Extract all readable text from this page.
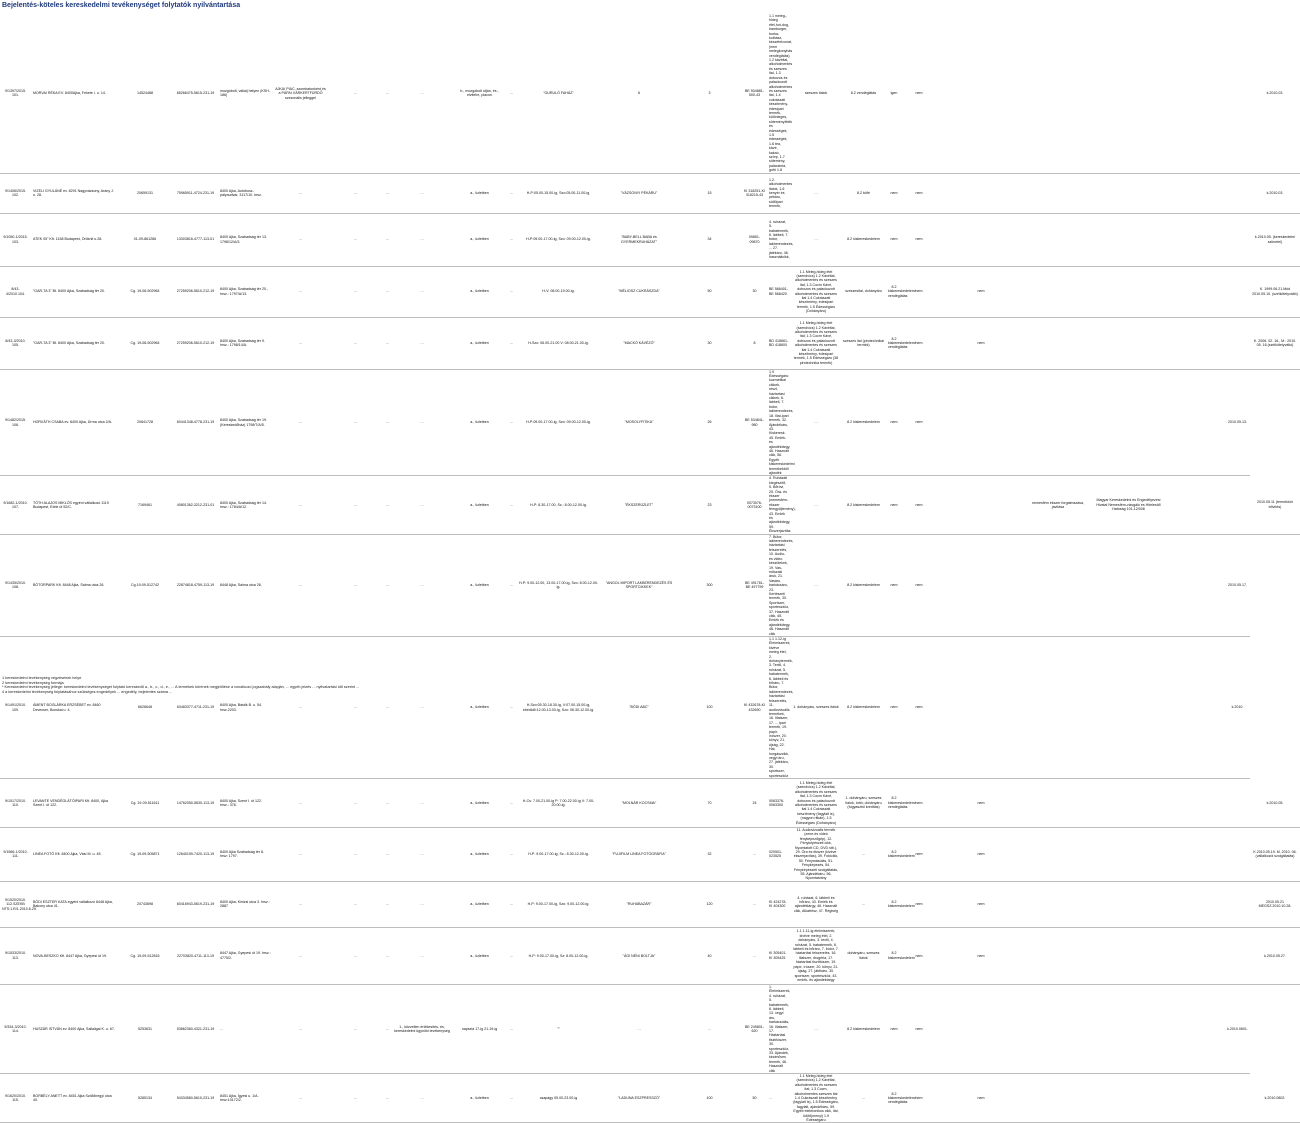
Bejelentés-köteles kereskedelmi tevékenységet folytatók nyilvántartása
9/1397/2015. 101.	MORVAI RÉKA EV. 8400Ajka, Fekete I. u. 14.	14524488	65266475-5615-231-19	mozgóbolt, vállalj helyen (KSH-186)	AJKAI PIAC, szombatonként és a PÁPAI VÁRKERTFÜRDŐ szezonális jelleggel	…	…	…	b., mozgóbolt útján, és., elvitelre, piacon	…	"GURULÓ FAHÁZ"	6	3	BE 504881-500-43	1.1 meleg-, hideg étel,hot-dog, hamburger, burka-kolbász, készételvonat, (nem melegkonyhás vendéglátás) 1.2 kávéital, alkoholmentes és szeszes ital, 1.3 dobozos és palackozott alkoholmentes és szeszes ital, 1.4 cukrászati készítmény-édesipari termék, különleges, süteményfélék és édességek, 1.5 édességek, 1.6 tea, kávé, kakaó, szörp, 1.7 sütemény, palacsinta, gofri 1.8	szeszes italok	8.2 vendéglátás	igen	nem							k.2010.03.
9/1406/2015. 102.	VIZELI GYULÁNÉ ev. 8291 Nagyvázsony, Arany J. u. 28.	20659131	75965911-4724-231-19	8400 Ajka, Autóbusz-pályaudvar, 3117/10. hrsz.	…	…	…	…	a., üzletben	…	H-P:05.00-15.00-ig, Szo:05.00-11.00-ig.	"VÁZSONYI PÉKÁRU"	15	KI 318251-KI 318215-43	1.2. alkoholmentes italok, 1.6 kenyér és pékáru, sütőipari termék,	…	8.2 büfé	nem	nem							k.2010.03.
9/1050-1/2015. 103.	ATEK 05" Kft. 1158 Budapest, Öröknit u.28.	01-09-861286	13303816-4777-113-01	8400 Ajka, Szabadság tér 13. 1798/12/A/3.	…	…	…	…	a., üzletben	…	H-P:09.00-17.00-ig, Szo: 09.00-12.00-ig.	"BABY-BELL BABA és GYERMEKRUHÁZAT"	34	09851-09870	4. ruházat, 5. babatermék, 6. lábbeli, 7. bútor, lakberendezés, ... 27. játékáru, 46. használtcikk,	…	8.2 kiskereskedelem	nem	nem							k.2010.05. (kereskedelmi szünetel)
8/43-4/2010.104.	"GAR-TA 3" Bt. 8400 Ajka, Szabadság tér 20.	Cg. 19-06-502964	27259206-5610-212-19	8400 Ajka, Szabadság tér 20., hrsz.: 1797/A/13.	…	…	…	…	a., üzletben	…	H-V: 08.00-19.00-ig.	"MÉLIOSZ CUKRÁSZDA"	50	30	BE 566401-BE 568420	1.1 Meleg-hideg étel (szendvics) 1.2 Kávéital, alkoholmentes és szeszes ital; 1.3 Cocm Kávé, dobozos és palackozott alkoholmentes és szeszes ital 1.4 Cukrászati készítmény, édesipari termék, 1.5 Édességáru (Dohányáru)	szeszesital, dohányáru	8.2 kiskereskedelem/ vendéglátás	nem	nem						K. 1999.06.21.Mód 2010.05.10. (szélkötelyváltó)
8/43-3/2010. 105.	"GAR-TA 3" Bt. 8400 Ajka, Szabadság tér 20.	Cg. 19-06-502964	27259206-5610-212-19	8400 Ajka, Szabadság tér 9. hrsz.: 1798/14/A.	…	…	…	…	a., üzletben	…	H-Szo: 06.00-21.00 V: 08.00-21.00-ig.	"MACKÓ KÁVÉZÓ"	30	8	BD 418661-BD 418600	1.1 Meleg-hideg étel (szendvics) 1.2 Kávéital, alkoholmentes és szeszes ital; 1.3 Cocm Kávé, dobozos és palackozott alkoholmentes és szeszes ital 1.4 Cukrászati készítmény, édesipari termék, 1.5 Édességáru (38 pirotechnika termék)	szeszes ital (pirotechnikai termék)	8.2 kiskereskedelem/ vendéglátás	nem	nem						K. 2006. 02. 16., M.: 2010. 05. 16.(szélkötelyváltó)
9/1482/2015. 106.	HORVÁTH CSABA ev. 8400 Ajka, Úrrna utca 2/A.	20841728	60441348-4778-231-19	8400 Ajka, Szabadság tér 19. (Kereskedőház) 1798/7/A/5.	…	…	…	…	a., üzletben	…	H-P:09.00-17.00-ig, Szo: 09.00-12.00-ig.	"MOSOLYFITIKA"	26	BE 534841-980	1.9 Édességáru: kozmetikai cikkek, részt, háztartási cikkek, 6. lábbeli, 7. bútor, lakberendezés, 18. Illat-ipari termék, 32. Ajándékáru, 43. Kiskeresk. 45. Emlék-és ajándéktárgy, 46. Használt cikk, 56. Egyéb kiskereskedelmi termékekből ajándék	…	8.2 kiskereskedelem	nem	nem						2010.05.13.	
9/1682-1/2010. 107.	TÓTH ALAJOS MIKLÓS egyéni vállalkozó 1119 Budapest, Etele út 52/C.	7169461	40801362-3212-231-01	8400 Ajka, Szabadság tér 14. hrsz.: 1784/A/12.	…	…	…	…	a., üzletben	…	H-P: 8.30-17.00, Sz.: 8.00-12.00-ig.	"ÉKSZERÜZLET"	23	0073076-0073100	4. Ruházati kiegészítő, 5. Bőrövi, 25. Óra- és ékszer (nemesfém-ékszer fémgyűjtemény), 43. Emlék és ajándéktárgy, 59. Ékszerjavítás	…	8.2 kiskereskedelem	nem	nem		nemesfém ékszer forgalmazása, javítása	Magyar Kereskedelmi és Engedélyezési Hivatal Nemesfém-vizsgáló és Hitelesítő Hatóság 101-12/008				2010.05.11 (termékkör bővítés)
9/1435/2010. 108.	BÓTORPARK Kft. 8448 Ajka, Salma utca 26.	Cg.19-09-512742	22874818-4759-113-19	8448 Ajka, Salma utca 26.	…	…	…	…	a., üzletben	…	H-P: 9.00-12.00, 13.00-17.00-ig, Szo: 8.00-12.00-ig.	"ANGOL IMPORT LAKBERENDEZÉS ÉS SPORTCIKKEK"	300	BE 491761-BE 497799	7. Bútor, lakberendezés, háztartási felszerelés, 10. Audio- és video készülékek, 19. Vas-műszaki áruk, 21. Vasáru, barkácsáru, 23. Kertészeti termék, 30. Sportszer, sporteszköz, 37. Használt cikk, 45. Emlék és ajándéktárgy, 46. Használt cikk	…	8.2 kiskereskedelem	nem	nem						2010.05.17.	
9/1491/2010. 109.	ÁMENT BOGLÁRKA ERZSÉBET ev. 8460 Devecser, Bocskai u. 4.	6626648	63483377-4711-231-19	8400 Ajka, Bástik B. u. 54. hrsz.2203.	…	…	…	…	a., üzletben	…	H-Szo:05.30-18.30-ig, V:07.00-15.00-ig, ebédidő:12.00-13.00-ig, Szo: 06.30-12.00-ig.	"BÓDI ABC"	100	KI 432678-KI 432690	1.1 1.12-ig Élelmiszerek, kivéve meleg étel, 2. dohánytermék, 3. Textil, 4. ruházat, 5. babatermék, 6. lábbeli és bőráru, 7. Bútor, lakberendezés, háztartási felszerelés, 11. audiovizuális termékek, 16. Illatszer, 17. ... ipari termék, 19. papír, írószer, 20. könyv, 21. újság, 22. Hal, horgászcikk, vegyi áru, 27. játékáru, 30. sportszer, sporteszköz	1. dohányáru, szeszes italok	8.2 kiskereskedelem	nem	nem						k.2010.	
9/1517/2010. 110.	LEVANTE VENDÉGLÁTÓIPARI Kft. 8400, Ajka Szent I. út 122.	Cg. 19-09-511611	14762050-5630-113-19	8400 Ajka, Szent I. út 122. hrsz.: 376.	…	…	…	…	a., üzletben	…	H-Cs: 7.00-21.00-ig P: 7.00-22.00-ig V: 7.00-20.00-ig.	"MOLNÁR KOCSMA"	70	24	0063376-0063300	1.1 Meleg-hideg étel (szendvics) 1.2 Kávéital, alkoholmentes és szeszes ital; 1.3 Cocm Kávé, dobozos és palackozott alkoholmentes és szeszes ital 1.4 Cukrászati készítmény (fagylalt is), (nagyon ritkán), 1.5 Édességáru (Dohányáru)	1. dohányáru, szeszes italok, lottó; dohányáru (fogyasztói kreditás)	8.2 kiskereskedelem/ vendéglátás	nem	nem						k.2010.05.
9/1566-1/2010. 111.	LINEA FOTÓ Kft. 8400 Ajka, Vásí M. u. 45.	Cg. 19-09-505871	12640159-7420-113-19	8400 Ajka Szabadság tér 8. hrsz: 1797.	…	…	…	…	a., üzletben	…	H-P: 9.00-17.00-ig, Sz.: 8.30-12.00-ig.	"FUJIFILM LINEA FOTÓGRÁFIA"	32	…	020501-023525	11. Audiovizuális termék (zene-és videó fényképezőgép), 12. Fényképészeti cikk, Nyomtatott CD, DVD stb.), 29. Óra és ékszer (kivéve ékszerjavítás), 39. Fotócikk, 50. Fénymásolás, 51. Fényképezés, 54. Fényképészeti szolgáltatás, 55. Ajándékáru, 56. Nyomtatvány	…	8.2 kiskereskedelem	nem	nem						K.2010.05.19. M. 2010. 06. (vállalkozói szolgáltatás)
9/1520/2010. 112.SZEKB NTS:1.R/1.2010.6.29.	BÓDI ESZTER KATA egyéni vállalkozó 8448 Ajka, Bakony utca 41.	20743698	60416943-5619-231-19	8400 Ajka, Kinizsi utca 3. hrsz.: 2887	…	…	…	…	a., üzletben	…	H-P: 9.00-17.00-ig, Szo: 9.00-12.00-ig.	"RUHABAZÁR"	120	…	KI 424278-KI 404300	4. ruházat, 6. lábbeli és bőráru, 43. Emlék és ajándéktárgy, 46. Használt cikk, Alkatrész, 47. Régiség	…	8.2 kiskereskedelem	nem	nem						2010.05.21 MEGSZ.2010.10.28.
9/1533/2010. 113.	NOVA-BESZKO Kft. 8447 Ajka, Gyepesi út 19.	Cg. 19-09-512816	22703820-4711-113-19	8447 Ajka, Gyepesi út 19. hrsz.: 4775/2.	…	…	…	…	a., üzletben	…	H-P: 9.00-17.00-ig, Sz: 8.00-12.00-ig.	"ÁGI NÉNI BOLTJA"	40	…	KI 305401-KI 305425	1.1 1.11-ig élelmiszerek, kivéve meleg étel, 2. dohányáru, 3. textil, 4. ruházat, 5. babatermék, 6. lábbeli és bőráru, 7. bútor, 7. háztartási felszerelés, 16. Illatszer, drogéria, 17. háztartási tisztítószer, 19. papír, írószer, 20. könyv, 21. újság, 27. játékáru, 30. sportszer, sporteszköz, 43. emlék- és ajándéktárgy	dohányáru, szeszes italok	8.2 kiskereskedelem	nem	nem						k.2010.05.27.
9/334-3/2010. 114.	HUSZÁR ISTVÁN ev. 8400 Ajka, Sallaligai K. u. 67.	5253631	53862360-4321-231-19	…	…	…	…	1., közvetlen értékesítés, és, kereskedelmi ügynöki tevékenység	napszia 17-ig 21-19-ig	…	""	…	…	BE 249801-620	1. Élelmiszerek, 4. ruházat, 5. babatermék, 6. lábbeli, 13. vegyi áru, barkácsolás, 16. Illatszer, 17. Háztartási tisztítószer, 30. sporteszköz, 33. Ajándék, kéziműves termék, 46. Használt cikk	…	8.2 kiskereskedelem	nem	nem						k.2010.0601.	
9/1620/2010. 115.	BORBÉLY ANETT ev. 8451 Ajka Szöllőnegyi utca 40.	5285134	54334560-5610-231-19	8451 Ajka, Ígyesi u. 1/A. hrsz:10172/2.	…	…	…	…	a., üzletben	…	csapágy 05.00-23.00-ig	"LADUNA ESZPRESSZÓ"	100	50	…	1.1 Meleg-hideg étel (szendvics) 1.2 Kávéital, alkoholmentes és szeszes ital; 1.3 Cocm, alkoholmentes szeszes ital 1.4 Cukrászati készítmény (fagylalt is), 1.5 Édességáru, fagylalt, ajándékáru, 59. Egyéb elektronikus cikk, ital, üdítő(menyi) 1.9 Édességáru	…	8.2 kiskereskedelem/ vendéglátás	nem	nem						k.2010.0802.
1 kereskedelmi tevékenység végzésének helye
2 kereskedelmi tevékenység formája
* Kereskedelmi tevékenység jellege: kereskedelmi tevékenységet folytató kereskedő a., b., c., d., e., ... A termékek körének megjelölése a vonatkozó jogszabály alapján, ... egyéb jelzés ... nyitvatartási idő szerint ...
4 a kereskedelmi tevékenység folytatásához szükséges engedélyek ... engedély, bejelentés száma ...
